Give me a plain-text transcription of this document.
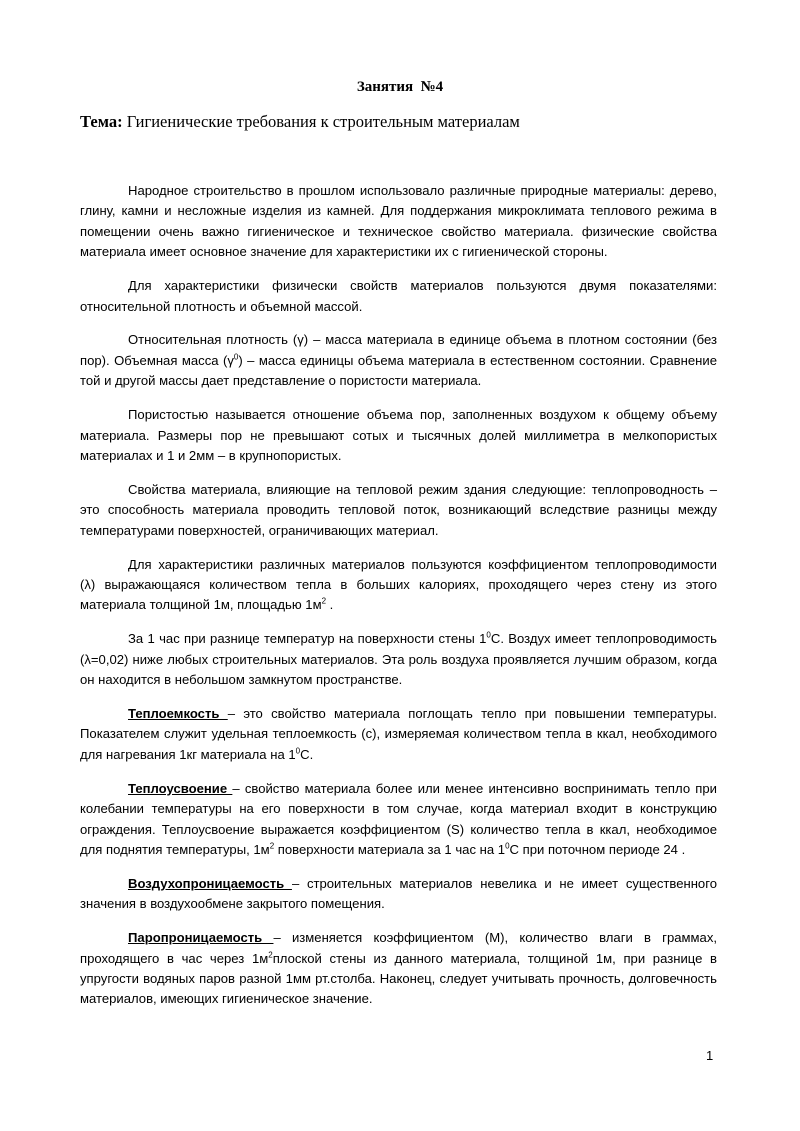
Занятия  №4

Тема: Гигиенические требования к строительным материалам

Народное строительство в прошлом использовало различные природные материалы: дерево, глину, камни и несложные изделия из камней. Для поддержания микроклимата теплового режима в помещении очень важно гигиеническое и техническое свойство материала. физические свойства материала имеет основное значение для характеристики их с гигиенической стороны.

Для характеристики физически свойств материалов пользуются двумя показателями: относительной плотность и объемной массой.

Относительная плотность (γ) – масса материала в единице объема в плотном состоянии (без пор). Объемная масса $(\gamma^0)$ – масса единицы объема материала в естественном состоянии. Сравнение той и другой массы дает представление о пористости материала.

Пористостью называется отношение объема пор, заполненных воздухом к общему объему материала. Размеры пор не превышают сотых и тысячных долей миллиметра в мелкопористых материалах и 1 и 2мм – в крупнопористых.

Свойства материала, влияющие на тепловой режим здания следующие: теплопроводность – это способность материала проводить тепловой поток, возникающий вследствие разницы между температурами поверхностей, ограничивающих материал.

Для характеристики различных материалов пользуются коэффициентом теплопроводимости (λ) выражающаяся количеством тепла в больших калориях, проходящего через стену из этого материала толщиной 1м, площадью $1м^2$ .

За 1 час при разнице температур на поверхности стены $1^0С$. Воздух имеет теплопроводимость (λ=0,02) ниже любых строительных материалов. Эта роль воздуха проявляется лучшим образом, когда он находится в небольшом замкнутом пространстве.

Теплоемкость – это свойство материала поглощать тепло при повышении температуры. Показателем служит удельная теплоемкость (с), измеряемая количеством тепла в ккал, необходимого для нагревания 1кг материала на $1^0С$.

Теплоусвоение – свойство материала более или менее интенсивно воспринимать тепло при колебании температуры на его поверхности в том случае, когда материал входит в конструкцию ограждения. Теплоусвоение выражается коэффициентом (S) количество тепла в ккал, необходимое для поднятия температуры, $1м^2$ поверхности материала за 1 час на $1^0С$ при поточном периоде 24 .

Воздухопроницаемость – строительных материалов невелика и не имеет существенного значения в воздухообмене закрытого помещения.

Паропроницаемость – изменяется коэффициентом (М), количество влаги в граммах, проходящего в час через $1м^2плоской$ стены из данного материала, толщиной 1м, при разнице в упругости водяных паров разной 1мм рт.столба. Наконец, следует учитывать прочность, долговечность материалов, имеющих гигиеническое значение.

1
